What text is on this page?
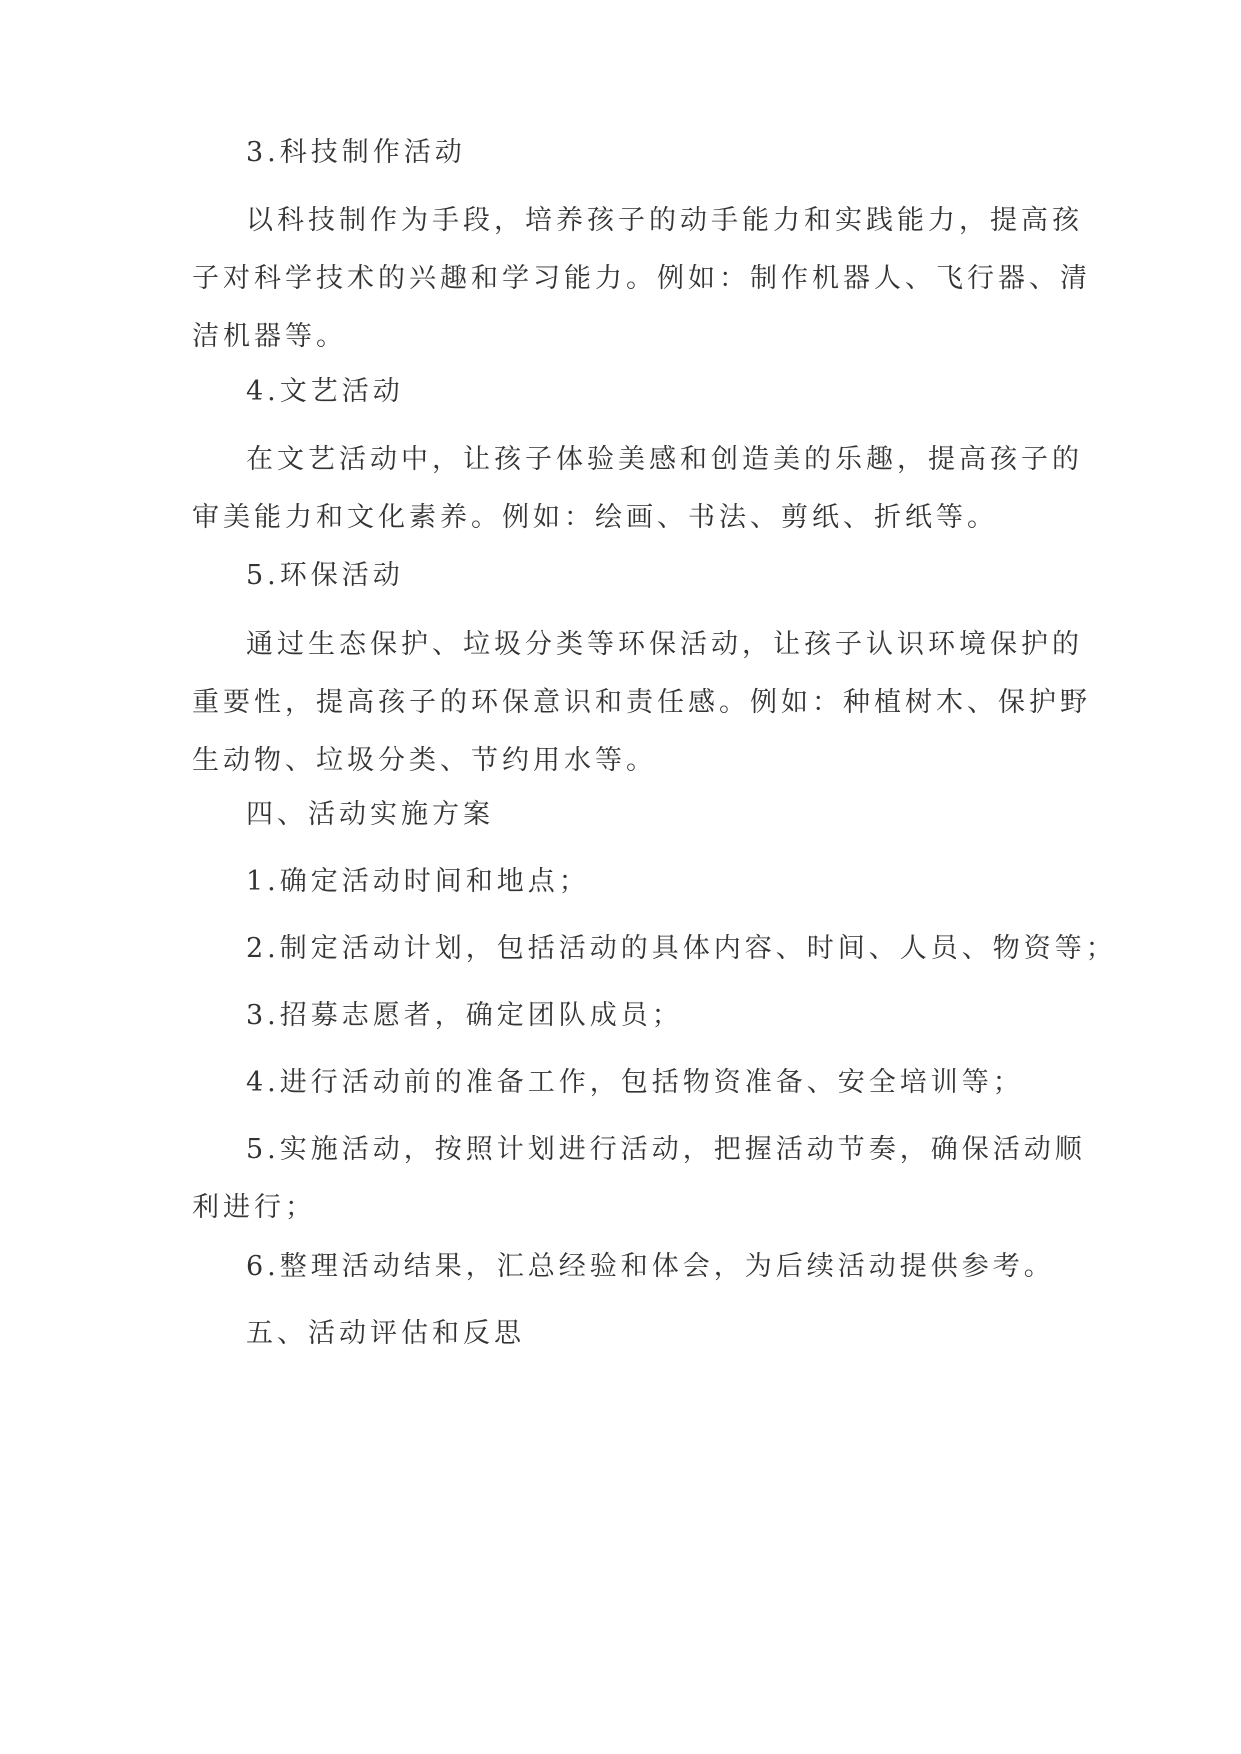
3.科技制作活动
以科技制作为手段，培养孩子的动手能力和实践能力，提高孩
子对科学技术的兴趣和学习能力。例如：制作机器人、飞行器、清
洁机器等。
4.文艺活动
在文艺活动中，让孩子体验美感和创造美的乐趣，提高孩子的
审美能力和文化素养。例如：绘画、书法、剪纸、折纸等。
5.环保活动
通过生态保护、垃圾分类等环保活动，让孩子认识环境保护的
重要性，提高孩子的环保意识和责任感。例如：种植树木、保护野
生动物、垃圾分类、节约用水等。
四、活动实施方案
1.确定活动时间和地点；
2.制定活动计划，包括活动的具体内容、时间、人员、物资等；
3.招募志愿者，确定团队成员；
4.进行活动前的准备工作，包括物资准备、安全培训等；
5.实施活动，按照计划进行活动，把握活动节奏，确保活动顺
利进行；
6.整理活动结果，汇总经验和体会，为后续活动提供参考。
五、活动评估和反思
